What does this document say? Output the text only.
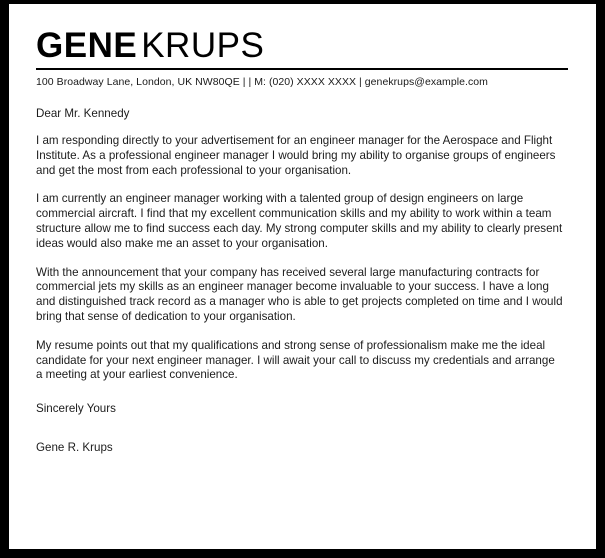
GENE KRUPS
100 Broadway Lane, London, UK NW80QE | | M: (020) XXXX XXXX | genekrups@example.com

Dear Mr. Kennedy

I am responding directly to your advertisement for an engineer manager for the Aerospace and Flight Institute. As a professional engineer manager I would bring my ability to organise groups of engineers and get the most from each professional to your organisation.

I am currently an engineer manager working with a talented group of design engineers on large commercial aircraft. I find that my excellent communication skills and my ability to work within a team structure allow me to find success each day. My strong computer skills and my ability to clearly present ideas would also make me an asset to your organisation.

With the announcement that your company has received several large manufacturing contracts for commercial jets my skills as an engineer manager become invaluable to your success. I have a long and distinguished track record as a manager who is able to get projects completed on time and I would bring that sense of dedication to your organisation.

My resume points out that my qualifications and strong sense of professionalism make me the ideal candidate for your next engineer manager. I will await your call to discuss my credentials and arrange a meeting at your earliest convenience.

Sincerely Yours

Gene R. Krups
